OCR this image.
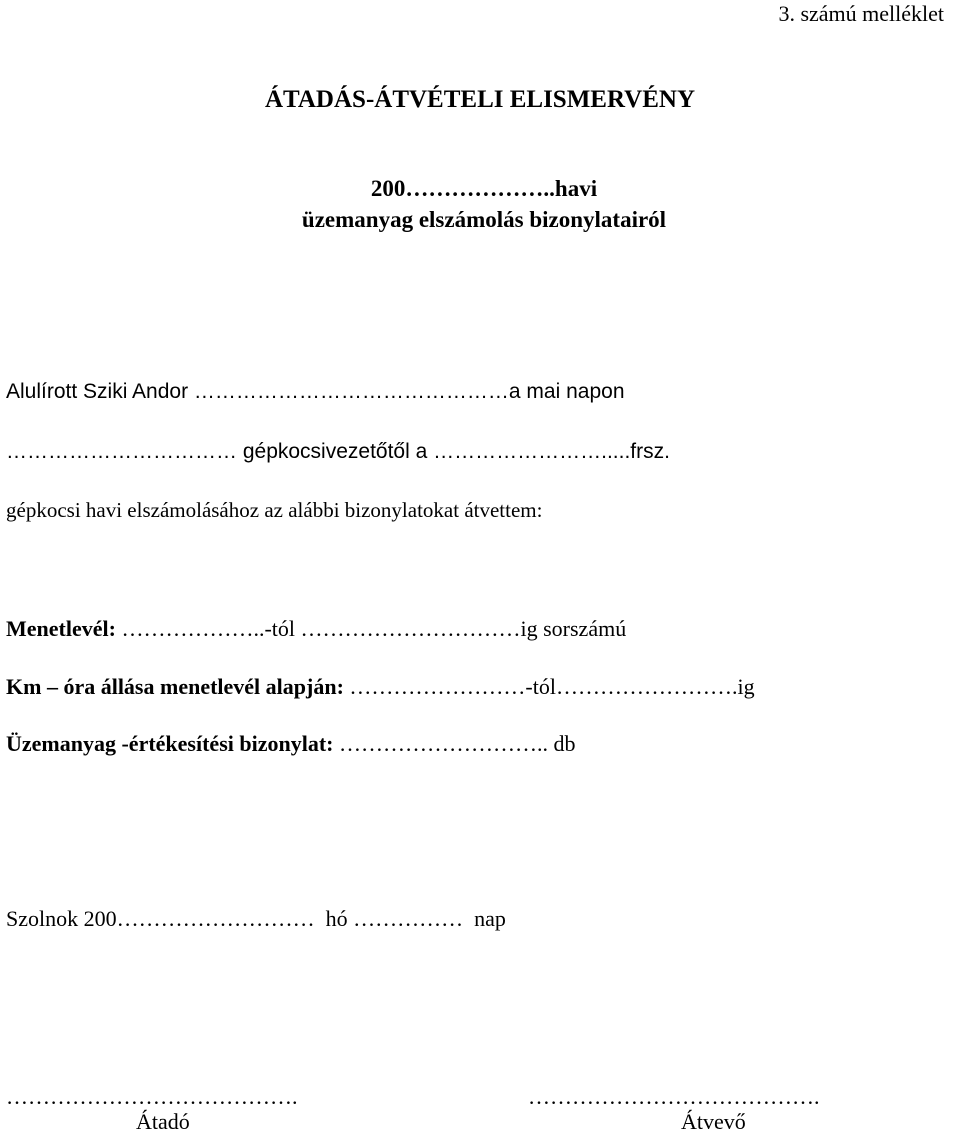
3. számú melléklet
ÁTADÁS-ÁTVÉTELI ELISMERVÉNY
200………………..havi
üzemanyag elszámolás bizonylatairól
Alulírott Sziki Andor ………………………………………a mai napon
…………………………… gépkocsivezetőtől a …………………….....frsz.
gépkocsi havi elszámolásához az alábbi bizonylatokat átvettem:
Menetlevél: ………………..-tól …………………………ig sorszámú
Km – óra állása menetlevél alapján: ……………………-tól…………………….ig
Üzemanyag -értékesítési bizonylat: ……………………….. db
Szolnok 200………………………  hó ……………  nap
………………………………….	………………………………….
Átadó	Átvevő
